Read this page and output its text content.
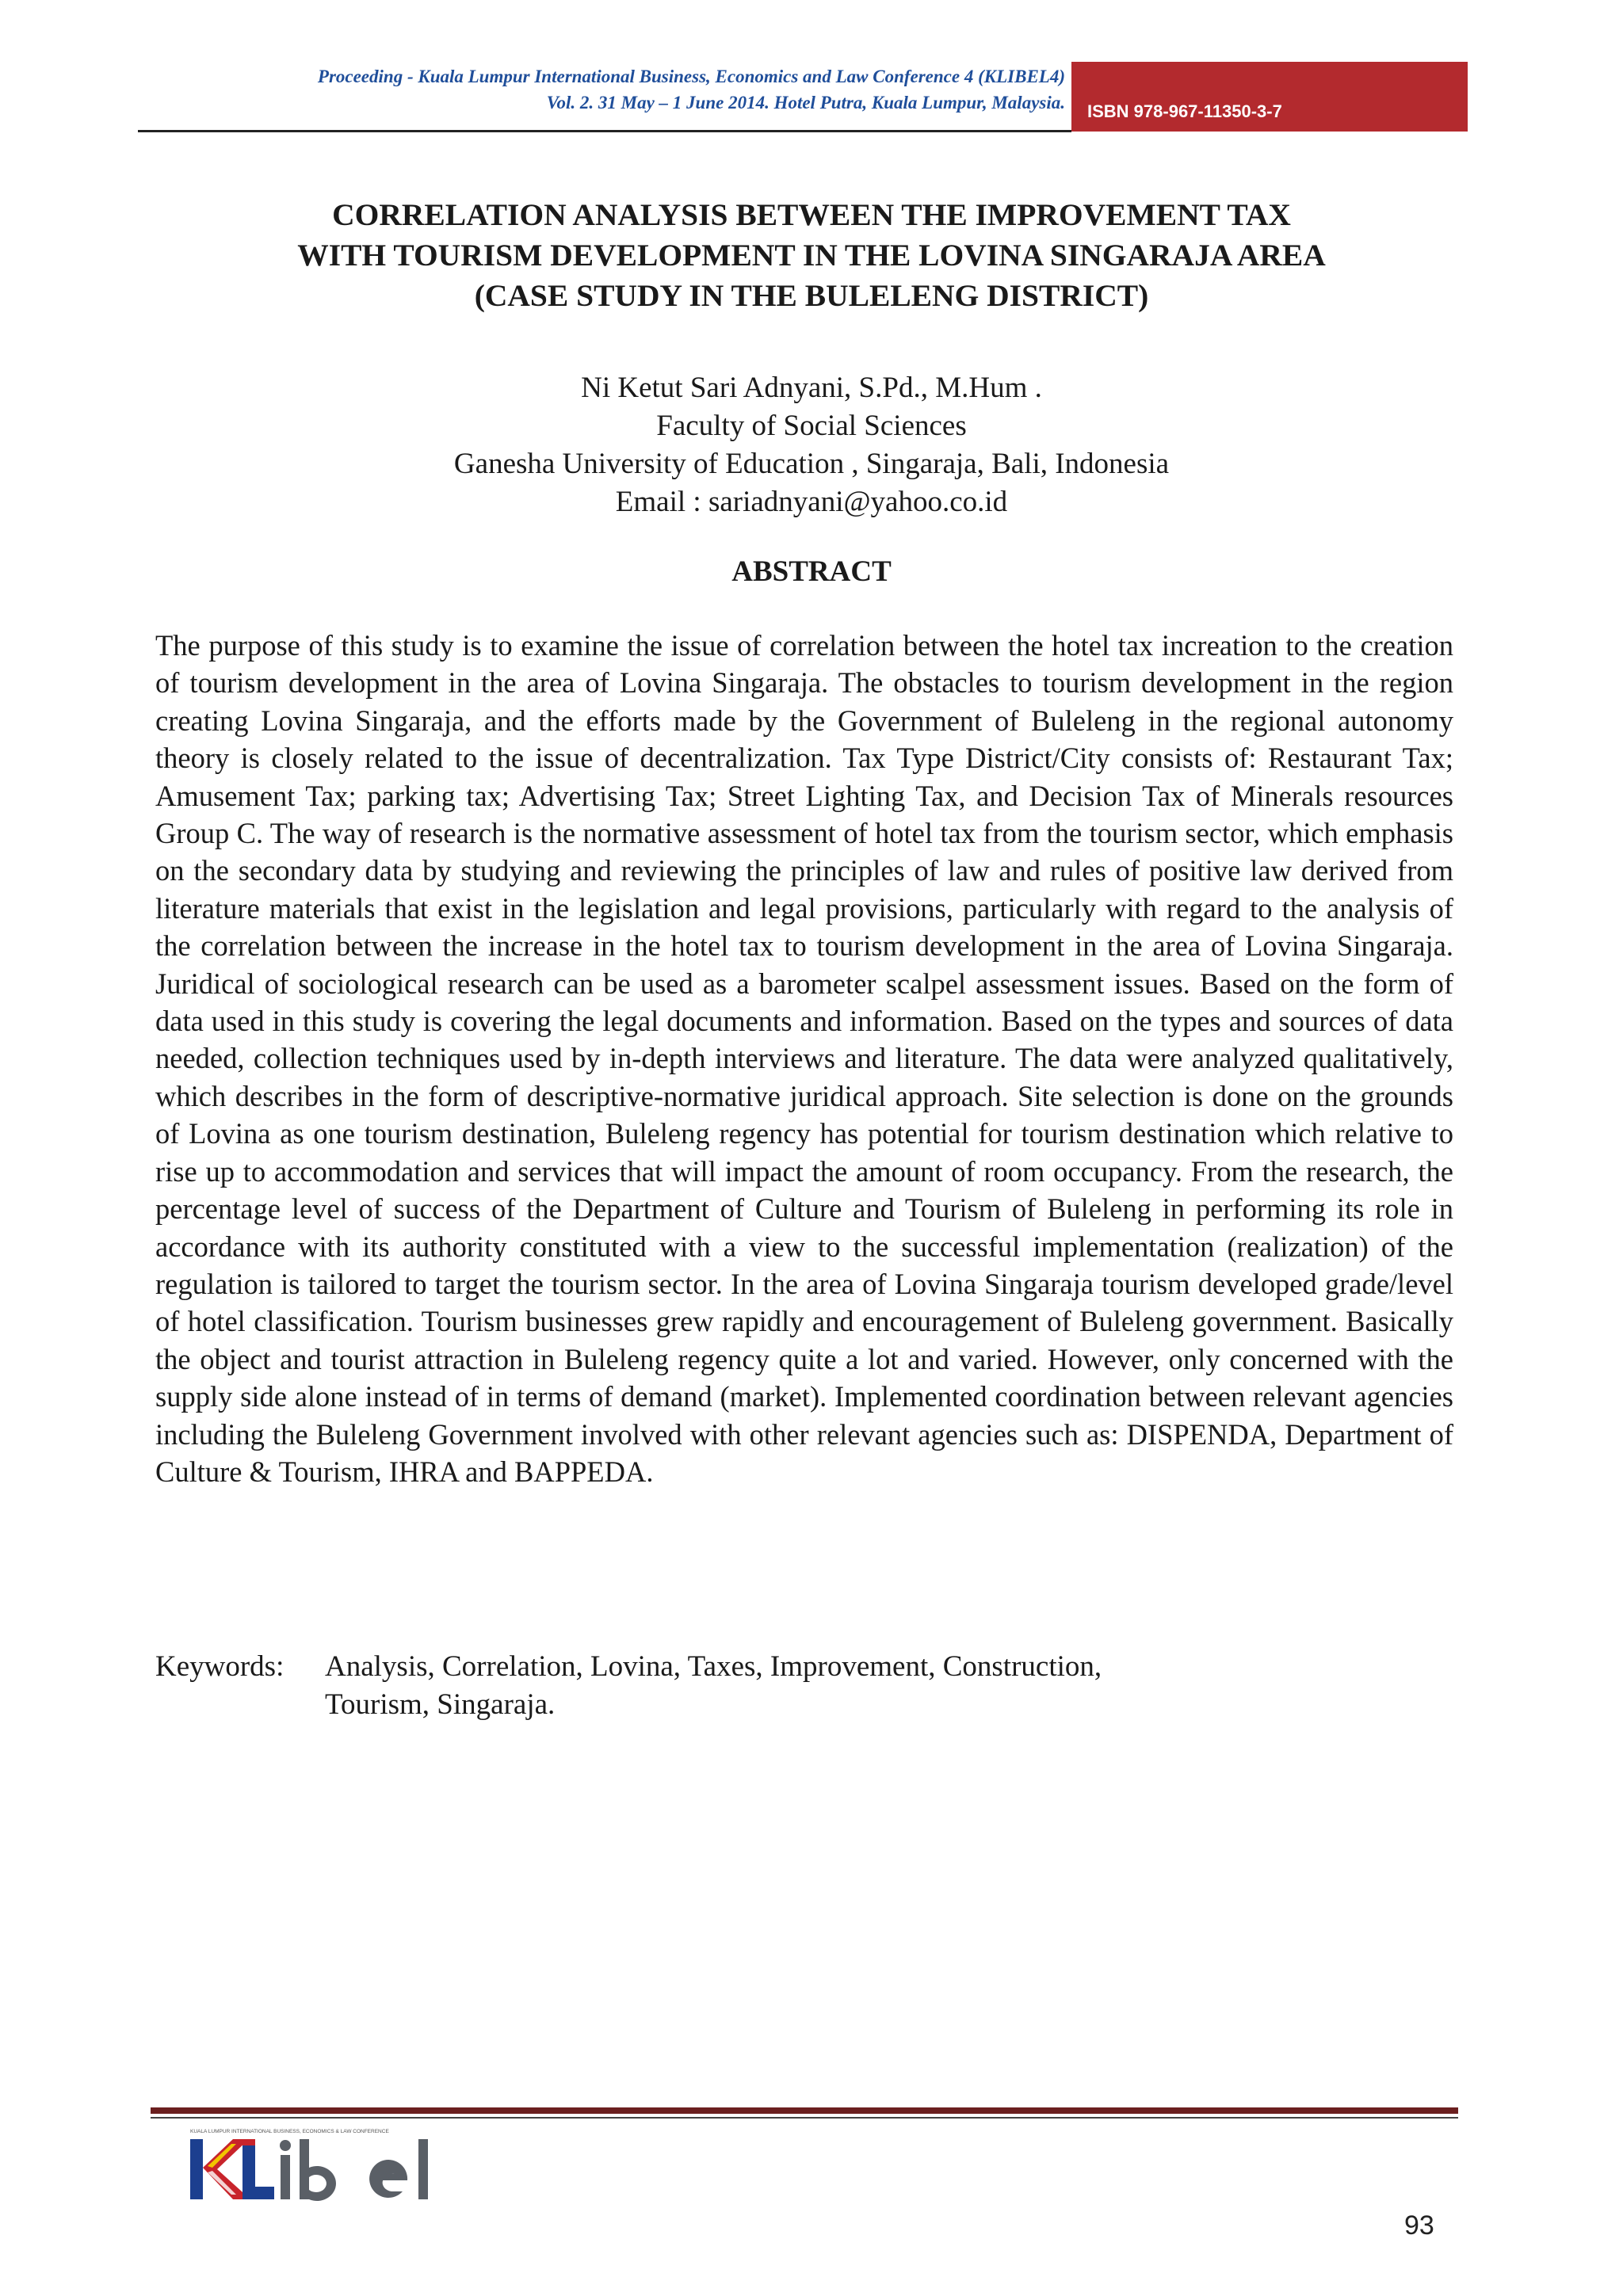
Proceeding - Kuala Lumpur International Business, Economics and Law Conference 4 (KLIBEL4)
Vol. 2. 31 May – 1 June 2014. Hotel Putra, Kuala Lumpur, Malaysia.	ISBN 978-967-11350-3-7
CORRELATION ANALYSIS BETWEEN THE IMPROVEMENT TAX
WITH TOURISM DEVELOPMENT IN THE LOVINA SINGARAJA AREA
(CASE STUDY IN THE BULELENG DISTRICT)
Ni Ketut Sari Adnyani, S.Pd., M.Hum .
Faculty of Social Sciences
Ganesha University of Education , Singaraja, Bali, Indonesia
Email : sariadnyani@yahoo.co.id
ABSTRACT
The purpose of this study is to examine the issue of correlation between the hotel tax increation to the creation of tourism development in the area of Lovina Singaraja. The obstacles to tourism development in the region creating Lovina Singaraja, and the efforts made by the Government of Buleleng in the regional autonomy theory is closely related to the issue of decentralization. Tax Type District/City consists of: Restaurant Tax; Amusement Tax; parking tax; Advertising Tax; Street Lighting Tax, and Decision Tax of Minerals resources Group C. The way of research is the normative assessment of hotel tax from the tourism sector, which emphasis on the secondary data by studying and reviewing the principles of law and rules of positive law derived from literature materials that exist in the legislation and legal provisions, particularly with regard to the analysis of the correlation between the increase in the hotel tax to tourism development in the area of Lovina Singaraja. Juridical of sociological research can be used as a barometer scalpel assessment issues. Based on the form of data used in this study is covering the legal documents and information. Based on the types and sources of data needed, collection techniques used by in-depth interviews and literature. The data were analyzed qualitatively, which describes in the form of descriptive-normative juridical approach. Site selection is done on the grounds of Lovina as one tourism destination, Buleleng regency has potential for tourism destination which relative to rise up to accommodation and services that will impact the amount of room occupancy. From the research, the percentage level of success of the Department of Culture and Tourism of Buleleng in performing its role in accordance with its authority constituted with a view to the successful implementation (realization) of the regulation is tailored to target the tourism sector. In the area of Lovina Singaraja tourism developed grade/level of hotel classification. Tourism businesses grew rapidly and encouragement of Buleleng government. Basically the object and tourist attraction in Buleleng regency quite a lot and varied. However, only concerned with the supply side alone instead of in terms of demand (market). Implemented coordination between relevant agencies including the Buleleng Government involved with other relevant agencies such as: DISPENDA, Department of Culture & Tourism, IHRA and BAPPEDA.
Keywords:	Analysis, Correlation, Lovina, Taxes, Improvement, Construction,
Tourism, Singaraja.
KUALA LUMPUR INTERNATIONAL BUSINESS, ECONOMICS & LAW CONFERENCE
93
